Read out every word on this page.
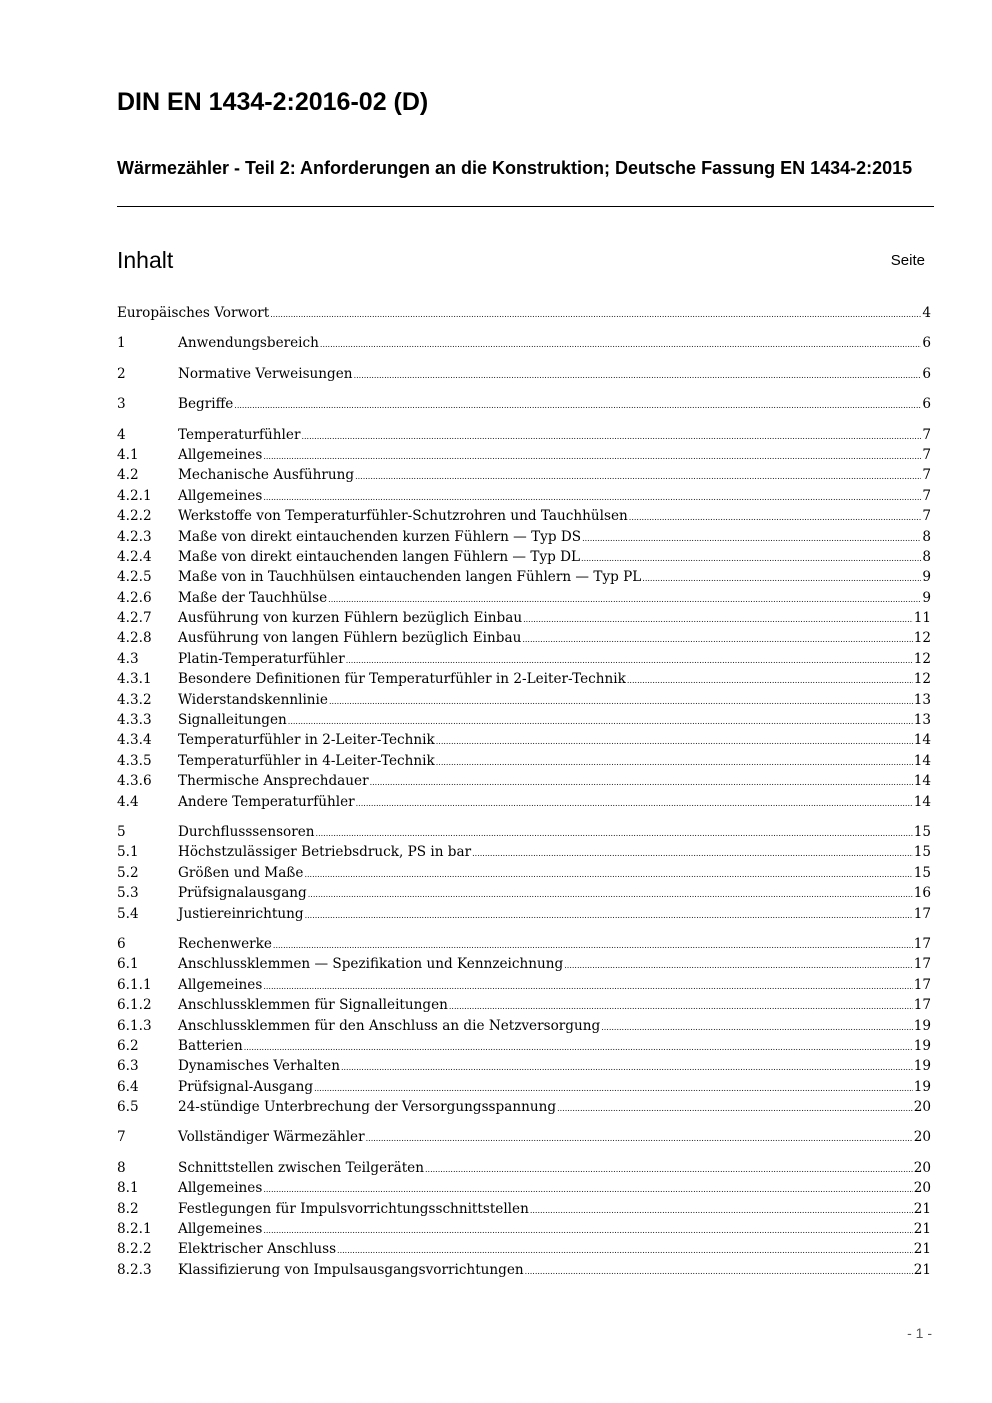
DIN EN 1434-2:2016-02 (D)

Wärmezähler - Teil 2: Anforderungen an die Konstruktion; Deutsche Fassung EN 1434-2:2015

Inhalt	Seite
Europäisches Vorwort .....	4
1	Anwendungsbereich .....	6
2	Normative Verweisungen .....	6
3	Begriffe .....	6
4	Temperaturfühler .....	7
4.1	Allgemeines .....	7
4.2	Mechanische Ausführung .....	7
4.2.1	Allgemeines .....	7
4.2.2	Werkstoffe von Temperaturfühler-Schutzrohren und Tauchhülsen .....	7
4.2.3	Maße von direkt eintauchenden kurzen Fühlern — Typ DS .....	8
4.2.4	Maße von direkt eintauchenden langen Fühlern — Typ DL .....	8
4.2.5	Maße von in Tauchhülsen eintauchenden langen Fühlern — Typ PL .....	9
4.2.6	Maße der Tauchhülse .....	9
4.2.7	Ausführung von kurzen Fühlern bezüglich Einbau .....	11
4.2.8	Ausführung von langen Fühlern bezüglich Einbau .....	12
4.3	Platin-Temperaturfühler .....	12
4.3.1	Besondere Definitionen für Temperaturfühler in 2-Leiter-Technik .....	12
4.3.2	Widerstandskennlinie .....	13
4.3.3	Signalleitungen .....	13
4.3.4	Temperaturfühler in 2-Leiter-Technik .....	14
4.3.5	Temperaturfühler in 4-Leiter-Technik .....	14
4.3.6	Thermische Ansprechdauer .....	14
4.4	Andere Temperaturfühler .....	14
5	Durchflusssensoren .....	15
5.1	Höchstzulässiger Betriebsdruck, PS in bar .....	15
5.2	Größen und Maße .....	15
5.3	Prüfsignalausgang .....	16
5.4	Justiereinrichtung .....	17
6	Rechenwerke .....	17
6.1	Anschlussklemmen — Spezifikation und Kennzeichnung .....	17
6.1.1	Allgemeines .....	17
6.1.2	Anschlussklemmen für Signalleitungen .....	17
6.1.3	Anschlussklemmen für den Anschluss an die Netzversorgung .....	19
6.2	Batterien .....	19
6.3	Dynamisches Verhalten .....	19
6.4	Prüfsignal-Ausgang .....	19
6.5	24-stündige Unterbrechung der Versorgungsspannung .....	20
7	Vollständiger Wärmezähler .....	20
8	Schnittstellen zwischen Teilgeräten .....	20
8.1	Allgemeines .....	20
8.2	Festlegungen für Impulsvorrichtungsschnittstellen .....	21
8.2.1	Allgemeines .....	21
8.2.2	Elektrischer Anschluss .....	21
8.2.3	Klassifizierung von Impulsausgangsvorrichtungen .....	21
- 1 -
